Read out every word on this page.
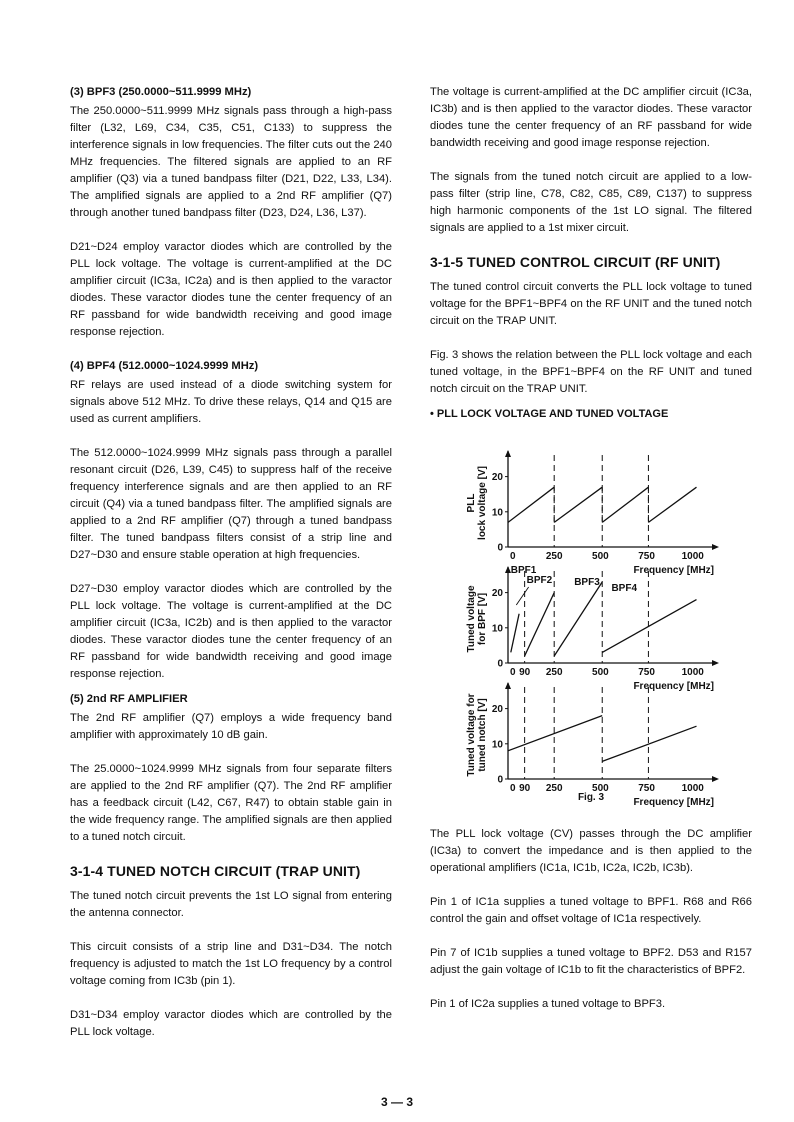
(3) BPF3 (250.0000~511.9999 MHz)

The 250.0000~511.9999 MHz signals pass through a high-pass filter (L32, L69, C34, C35, C51, C133) to suppress the interference signals in low frequencies. The filter cuts out the 240 MHz frequencies. The filtered signals are applied to an RF amplifier (Q3) via a tuned bandpass filter (D21, D22, L33, L34). The amplified signals are applied to a 2nd RF amplifier (Q7) through another tuned bandpass filter (D23, D24, L36, L37).

D21~D24 employ varactor diodes which are controlled by the PLL lock voltage. The voltage is current-amplified at the DC amplifier circuit (IC3a, IC2a) and is then applied to the varactor diodes. These varactor diodes tune the center frequency of an RF passband for wide bandwidth receiving and good image response rejection.

(4) BPF4 (512.0000~1024.9999 MHz)

RF relays are used instead of a diode switching system for signals above 512 MHz. To drive these relays, Q14 and Q15 are used as current amplifiers.

The 512.0000~1024.9999 MHz signals pass through a parallel resonant circuit (D26, L39, C45) to suppress half of the receive frequency interference signals and are then applied to an RF circuit (Q4) via a tuned bandpass filter. The amplified signals are applied to a 2nd RF amplifier (Q7) through a tuned bandpass filter. The tuned bandpass filters consist of a strip line and D27~D30 and ensure stable operation at high frequencies.

D27~D30 employ varactor diodes which are controlled by the PLL lock voltage. The voltage is current-amplified at the DC amplifier circuit (IC3a, IC2b) and is then applied to the varactor diodes. These varactor diodes tune the center frequency of an RF passband for wide bandwidth receiving and good image response rejection.

(5) 2nd RF AMPLIFIER

The 2nd RF amplifier (Q7) employs a wide frequency band amplifier with approximately 10 dB gain.

The 25.0000~1024.9999 MHz signals from four separate filters are applied to the 2nd RF amplifier (Q7). The 2nd RF amplifier has a feedback circuit (L42, C67, R47) to obtain stable gain in the wide frequency range. The amplified signals are then applied to a tuned notch circuit.

3-1-4 TUNED NOTCH CIRCUIT (TRAP UNIT)

The tuned notch circuit prevents the 1st LO signal from entering the antenna connector.

This circuit consists of a strip line and D31~D34. The notch frequency is adjusted to match the 1st LO frequency by a control voltage coming from IC3b (pin 1).

D31~D34 employ varactor diodes which are controlled by the PLL lock voltage.

The voltage is current-amplified at the DC amplifier circuit (IC3a, IC3b) and is then applied to the varactor diodes. These varactor diodes tune the center frequency of an RF passband for wide bandwidth receiving and good image response rejection.

The signals from the tuned notch circuit are applied to a low-pass filter (strip line, C78, C82, C85, C89, C137) to suppress high harmonic components of the 1st LO signal. The filtered signals are applied to a 1st mixer circuit.

3-1-5 TUNED CONTROL CIRCUIT (RF UNIT)

The tuned control circuit converts the PLL lock voltage to tuned voltage for the BPF1~BPF4 on the RF UNIT and the tuned notch circuit on the TRAP UNIT.

Fig. 3 shows the relation between the PLL lock voltage and each tuned voltage, in the BPF1~BPF4 on the RF UNIT and tuned notch circuit on the TRAP UNIT.

• PLL LOCK VOLTAGE AND TUNED VOLTAGE
0
10
20
0	250	500	750	1000
Frequency [MHz]
PLLlock voltage [V]
0
10
20
0 90 250	500	750	1000
Frequency [MHz]
Tuned voltagefor BPF [V]
BPF1
BPF2 BPF3
BPF4
0
10
20
0 90 250	500	750	1000
Frequency [MHz]
Tuned voltage fortuned notch [V]
Fig. 3

The PLL lock voltage (CV) passes through the DC amplifier (IC3a) to convert the impedance and is then applied to the operational amplifiers (IC1a, IC1b, IC2a, IC2b, IC3b).

Pin 1 of IC1a supplies a tuned voltage to BPF1. R68 and R66 control the gain and offset voltage of IC1a respectively.

Pin 7 of IC1b supplies a tuned voltage to BPF2. D53 and R157 adjust the gain voltage of IC1b to fit the characteristics of BPF2.

Pin 1 of IC2a supplies a tuned voltage to BPF3.

3 — 3
